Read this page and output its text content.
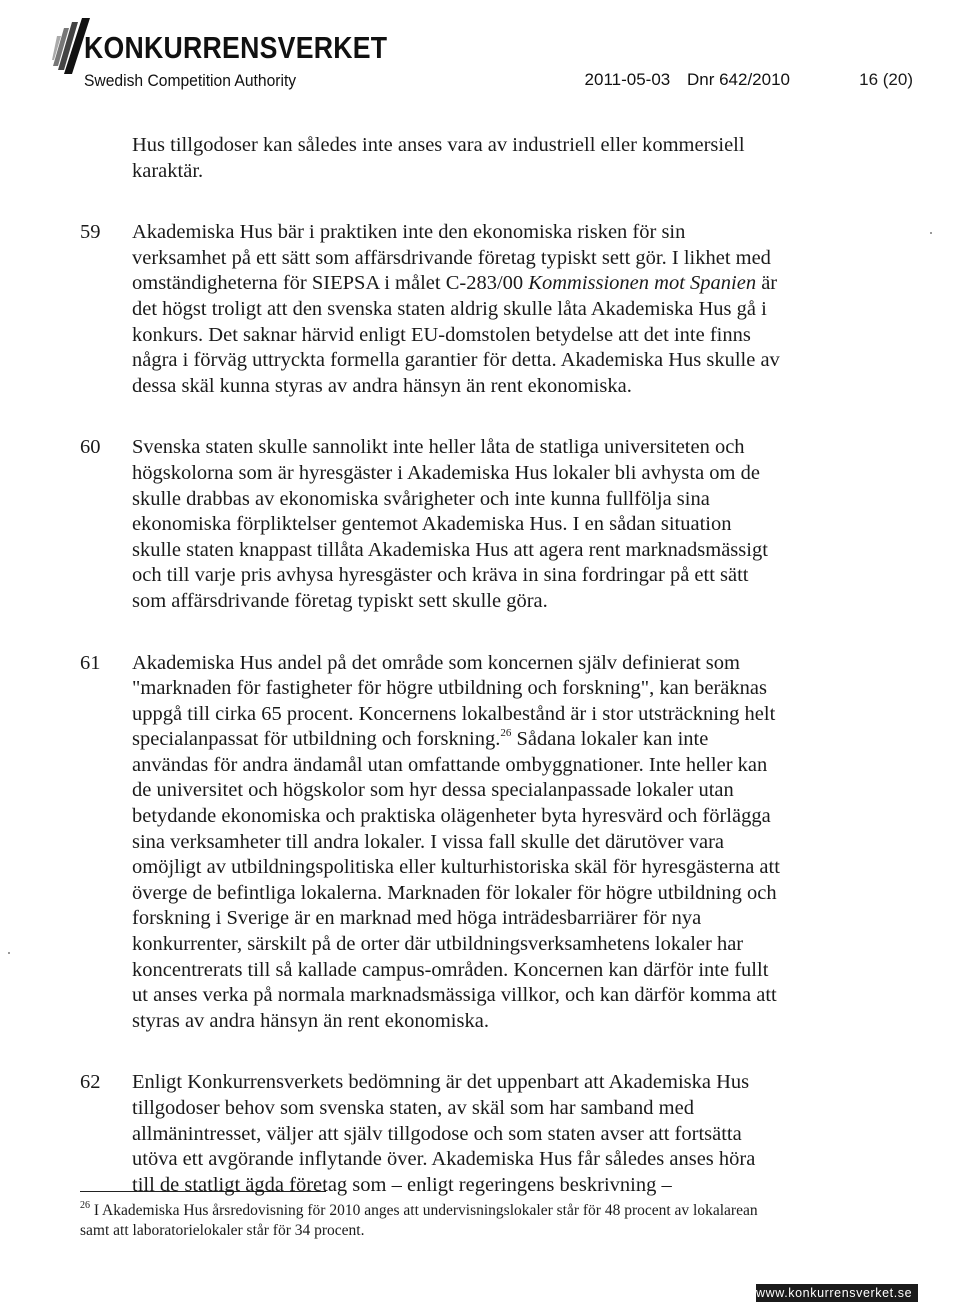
KONKURRENSVERKET
Swedish Competition Authority	2011-05-03 Dnr 642/2010	16 (20)

Hus tillgodoser kan således inte anses vara av industriell eller kommersiell karaktär.

59 Akademiska Hus bär i praktiken inte den ekonomiska risken för sin verksamhet på ett sätt som affärsdrivande företag typiskt sett gör. I likhet med omständigheterna för SIEPSA i målet C-283/00 Kommissionen mot Spanien är det högst troligt att den svenska staten aldrig skulle låta Akademiska Hus gå i konkurs. Det saknar härvid enligt EU-domstolen betydelse att det inte finns några i förväg uttryckta formella garantier för detta. Akademiska Hus skulle av dessa skäl kunna styras av andra hänsyn än rent ekonomiska.

60 Svenska staten skulle sannolikt inte heller låta de statliga universiteten och högskolorna som är hyresgäster i Akademiska Hus lokaler bli avhysta om de skulle drabbas av ekonomiska svårigheter och inte kunna fullfölja sina ekonomiska förpliktelser gentemot Akademiska Hus. I en sådan situation skulle staten knappast tillåta Akademiska Hus att agera rent marknadsmässigt och till varje pris avhysa hyresgäster och kräva in sina fordringar på ett sätt som affärsdrivande företag typiskt sett skulle göra.

61 Akademiska Hus andel på det område som koncernen själv definierat som "marknaden för fastigheter för högre utbildning och forskning", kan beräknas uppgå till cirka 65 procent. Koncernens lokalbestånd är i stor utsträckning helt specialanpassat för utbildning och forskning.$^{26}$ Sådana lokaler kan inte användas för andra ändamål utan omfattande ombyggnationer. Inte heller kan de universitet och högskolor som hyr dessa specialanpassade lokaler utan betydande ekonomiska och praktiska olägenheter byta hyresvärd och förlägga sina verksamheter till andra lokaler. I vissa fall skulle det därutöver vara omöjligt av utbildningspolitiska eller kulturhistoriska skäl för hyresgästerna att överge de befintliga lokalerna. Marknaden för lokaler för högre utbildning och forskning i Sverige är en marknad med höga inträdesbarriärer för nya konkurrenter, särskilt på de orter där utbildningsverksamhetens lokaler har koncentrerats till så kallade campus-områden. Koncernen kan därför inte fullt ut anses verka på normala marknadsmässiga villkor, och kan därför komma att styras av andra hänsyn än rent ekonomiska.

62 Enligt Konkurrensverkets bedömning är det uppenbart att Akademiska Hus tillgodoser behov som svenska staten, av skäl som har samband med allmänintresset, väljer att själv tillgodose och som staten avser att fortsätta utöva ett avgörande inflytande över. Akademiska Hus får således anses höra till de statligt ägda företag som – enligt regeringens beskrivning –

$^{26}$ I Akademiska Hus årsredovisning för 2010 anges att undervisningslokaler står för 48 procent av lokalarean samt att laboratorielokaler står för 34 procent.

www.konkurrensverket.se
